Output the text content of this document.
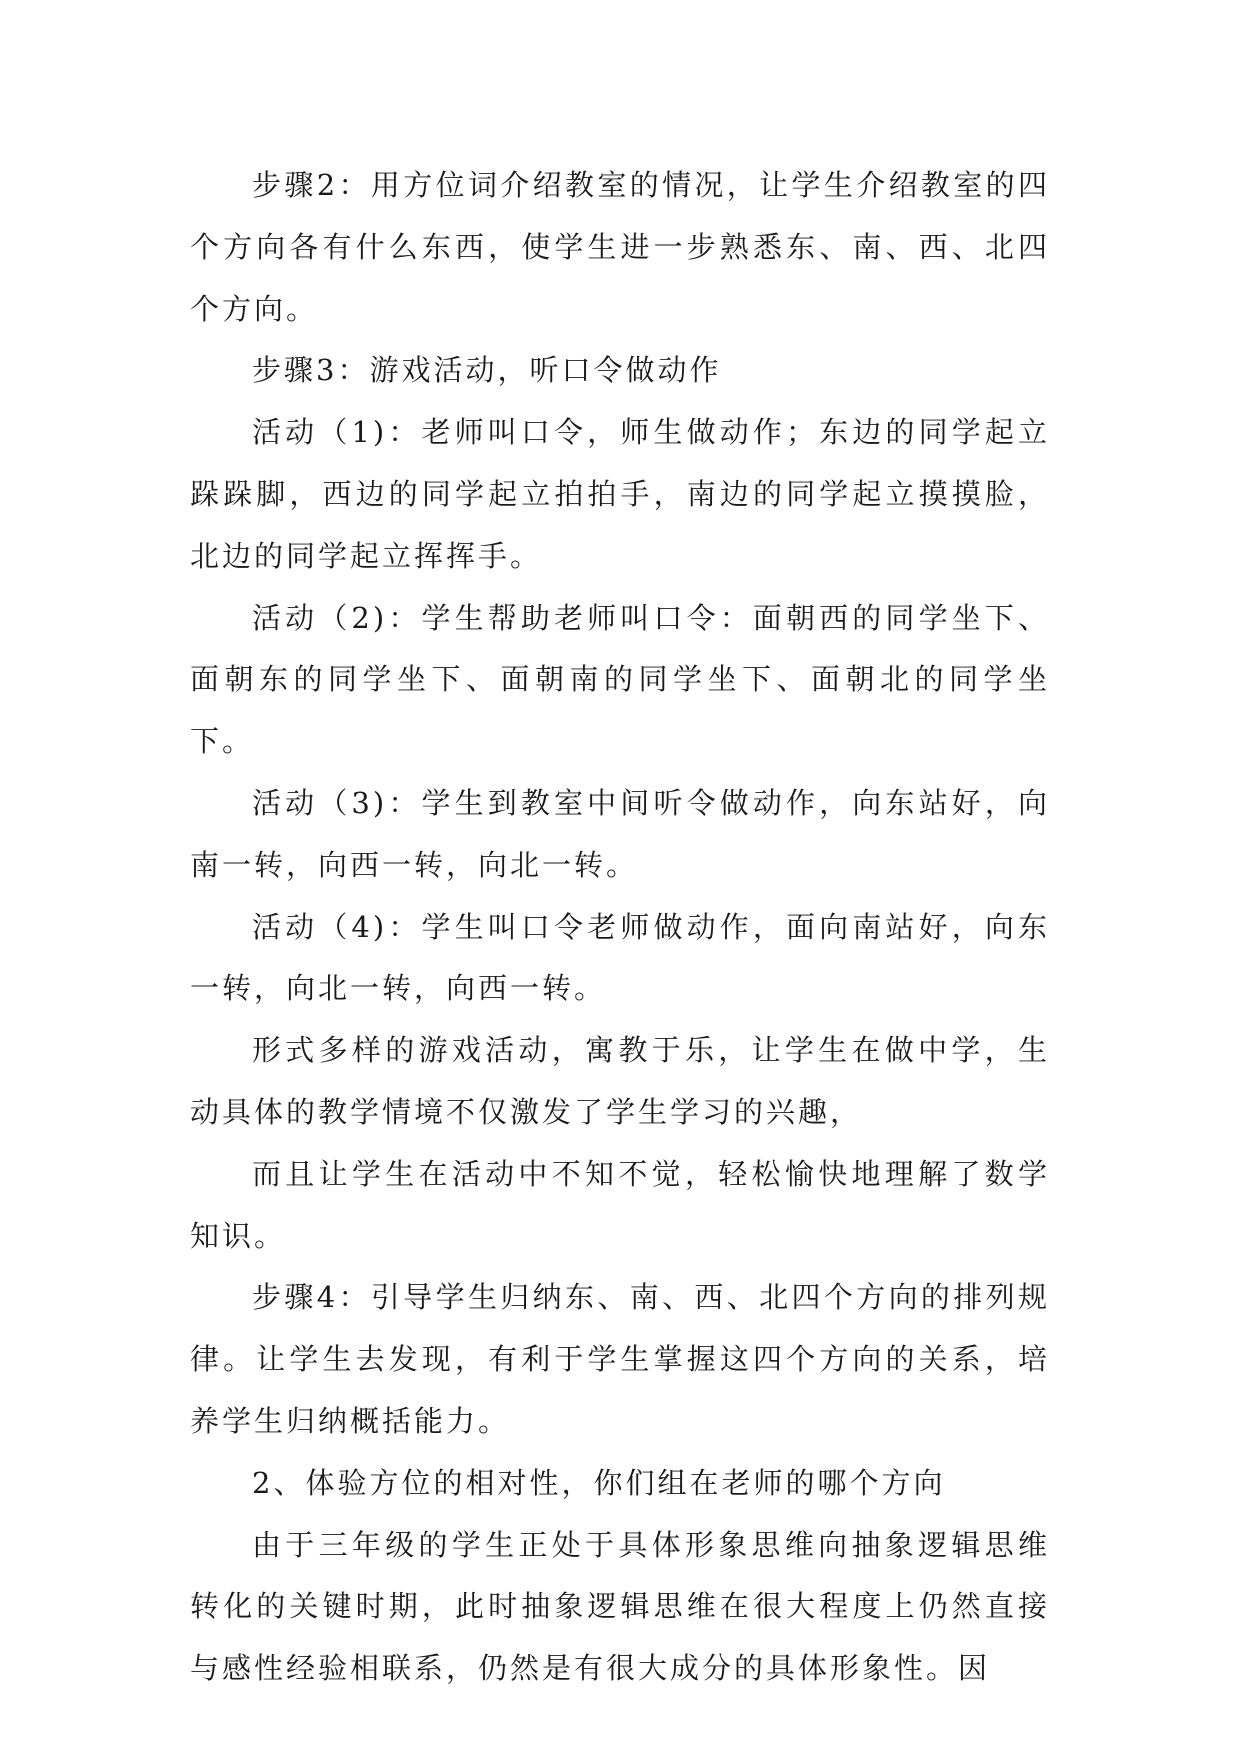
步骤2：用方位词介绍教室的情况，让学生介绍教室的四个方向各有什么东西，使学生进一步熟悉东、南、西、北四个方向。

步骤3：游戏活动，听口令做动作

活动（1)：老师叫口令，师生做动作；东边的同学起立跺跺脚，西边的同学起立拍拍手，南边的同学起立摸摸脸，北边的同学起立挥挥手。

活动（2)：学生帮助老师叫口令：面朝西的同学坐下、面朝东的同学坐下、面朝南的同学坐下、面朝北的同学坐下。

活动（3)：学生到教室中间听令做动作，向东站好，向南一转，向西一转，向北一转。

活动（4)：学生叫口令老师做动作，面向南站好，向东一转，向北一转，向西一转。

形式多样的游戏活动，寓教于乐，让学生在做中学，生动具体的教学情境不仅激发了学生学习的兴趣，

而且让学生在活动中不知不觉，轻松愉快地理解了数学知识。

步骤4：引导学生归纳东、南、西、北四个方向的排列规律。让学生去发现，有利于学生掌握这四个方向的关系，培养学生归纳概括能力。

2、体验方位的相对性，你们组在老师的哪个方向

由于三年级的学生正处于具体形象思维向抽象逻辑思维转化的关键时期，此时抽象逻辑思维在很大程度上仍然直接与感性经验相联系，仍然是有很大成分的具体形象性。因
